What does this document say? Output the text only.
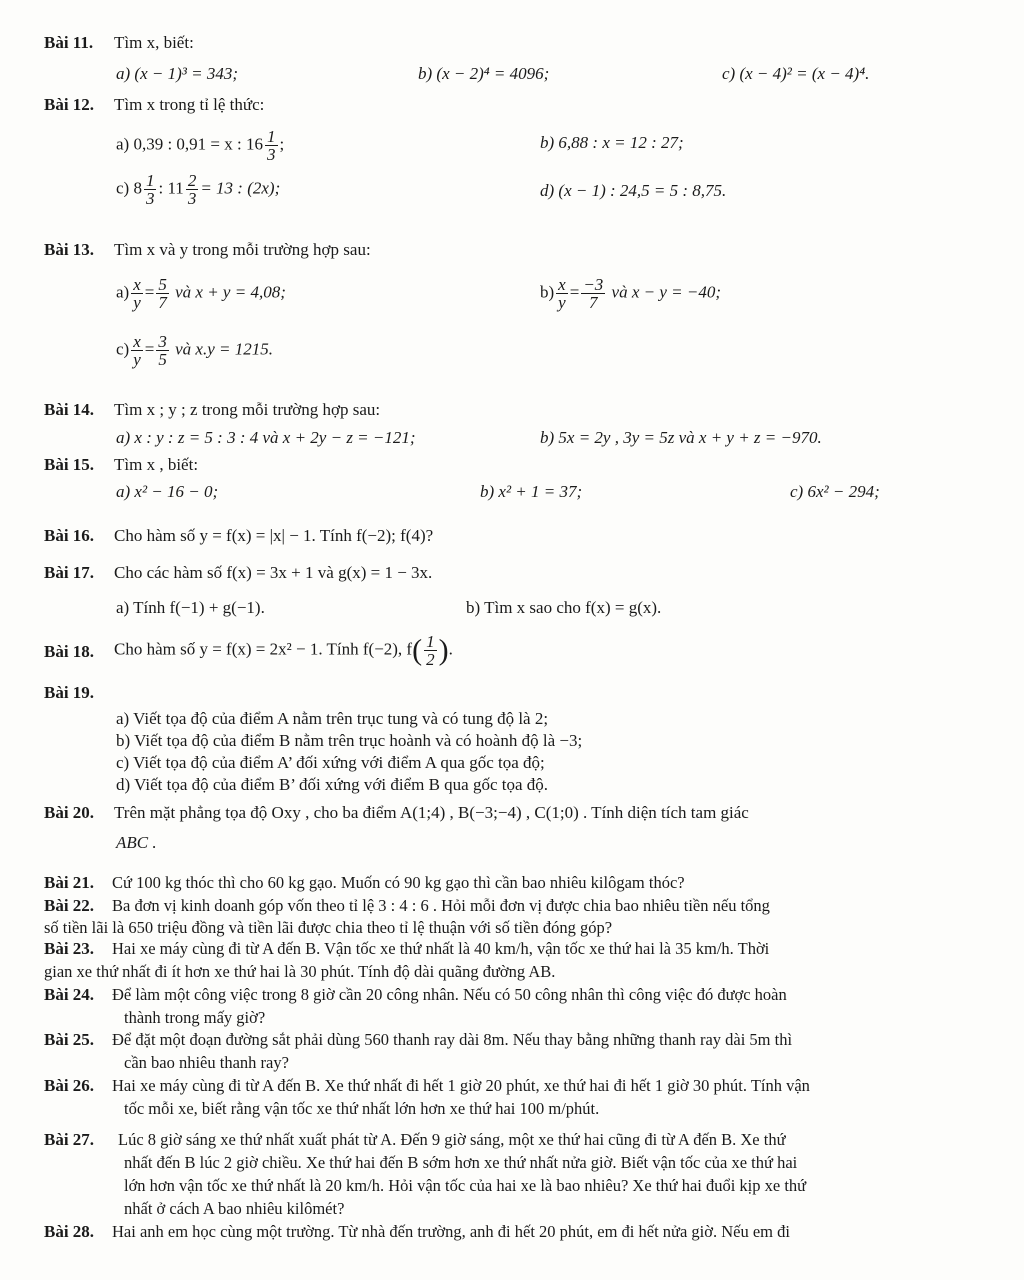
Bài 11. Tìm x, biết:
a) (x − 1)³ = 343;	b) (x − 2)⁴ = 4096;	c) (x − 4)² = (x − 4)⁴.
Bài 12. Tìm x trong tỉ lệ thức:
a) 0,39 : 0,91 = x : $16 \frac{1}{3}$ ;	b) 6,88 : x = 12 : 27;
c) $8 \frac{1}{3}$ : $11 \frac{2}{3} = 13$ : (2x);	d) (x − 1) : 24,5 = 5 : 8,75.
Bài 13. Tìm x và y trong mỗi trường hợp sau:
$a) \frac{x}{y} = \frac{5}{7}$ và x + y = 4,08;	$b) \frac{x}{y} = \frac{-3}{7}$ và x − y = −40;
$c) \frac{x}{y} = \frac{3}{5}$ và x.y = 1215.
Bài 14. Tìm x ; y ; z trong mỗi trường hợp sau:
a) x : y : z = 5 : 3 : 4 và x + 2y − z = −121;	b) 5x = 2y , 3y = 5z và x + y + z = −970.
Bài 15. Tìm x , biết:
a) x² − 16 − 0;	b) x² + 1 = 37;	c) 6x² − 294;
Bài 16. Cho hàm số y = f(x) = |x| − 1. Tính f(−2); f(4)?
Bài 17. Cho các hàm số f(x) = 3x + 1 và g(x) = 1 − 3x.
a) Tính f(−1) + g(−1).	b) Tìm x sao cho f(x) = g(x).
Bài 18. Cho hàm số y = f(x) = 2x² − 1. Tính f(−2), $f( \frac{1}{2}$ ).
Bài 19.
a) Viết tọa độ của điểm A nằm trên trục tung và có tung độ là 2;
b) Viết tọa độ của điểm B nằm trên trục hoành và có hoành độ là −3;
c) Viết tọa độ của điểm A’ đối xứng với điểm A qua gốc tọa độ;
d) Viết tọa độ của điểm B’ đối xứng với điểm B qua gốc tọa độ.
Bài 20. Trên mặt phẳng tọa độ Oxy , cho ba điểm A(1;4) , B(−3;−4) , C(1;0) . Tính diện tích tam giác
ABC .
Bài 21. Cứ 100 kg thóc thì cho 60 kg gạo. Muốn có 90 kg gạo thì cần bao nhiêu kilôgam thóc?
Bài 22. Ba đơn vị kinh doanh góp vốn theo tỉ lệ 3 : 4 : 6 . Hỏi mỗi đơn vị được chia bao nhiêu tiền nếu tổng
số tiền lãi là 650 triệu đồng và tiền lãi được chia theo tỉ lệ thuận với số tiền đóng góp?
Bài 23. Hai xe máy cùng đi từ A đến B. Vận tốc xe thứ nhất là 40 km/h, vận tốc xe thứ hai là 35 km/h. Thời
gian xe thứ nhất đi ít hơn xe thứ hai là 30 phút. Tính độ dài quãng đường AB.
Bài 24. Để làm một công việc trong 8 giờ cần 20 công nhân. Nếu có 50 công nhân thì công việc đó được hoàn
thành trong mấy giờ?
Bài 25. Để đặt một đoạn đường sắt phải dùng 560 thanh ray dài 8m. Nếu thay bằng những thanh ray dài 5m thì
cần bao nhiêu thanh ray?
Bài 26. Hai xe máy cùng đi từ A đến B. Xe thứ nhất đi hết 1 giờ 20 phút, xe thứ hai đi hết 1 giờ 30 phút. Tính vận
tốc mỗi xe, biết rằng vận tốc xe thứ nhất lớn hơn xe thứ hai 100 m/phút.
Bài 27. Lúc 8 giờ sáng xe thứ nhất xuất phát từ A. Đến 9 giờ sáng, một xe thứ hai cũng đi từ A đến B. Xe thứ
nhất đến B lúc 2 giờ chiều. Xe thứ hai đến B sớm hơn xe thứ nhất nửa giờ. Biết vận tốc của xe thứ hai
lớn hơn vận tốc xe thứ nhất là 20 km/h. Hỏi vận tốc của hai xe là bao nhiêu? Xe thứ hai đuổi kịp xe thứ
nhất ở cách A bao nhiêu kilômét?
Bài 28. Hai anh em học cùng một trường. Từ nhà đến trường, anh đi hết 20 phút, em đi hết nửa giờ. Nếu em đi
